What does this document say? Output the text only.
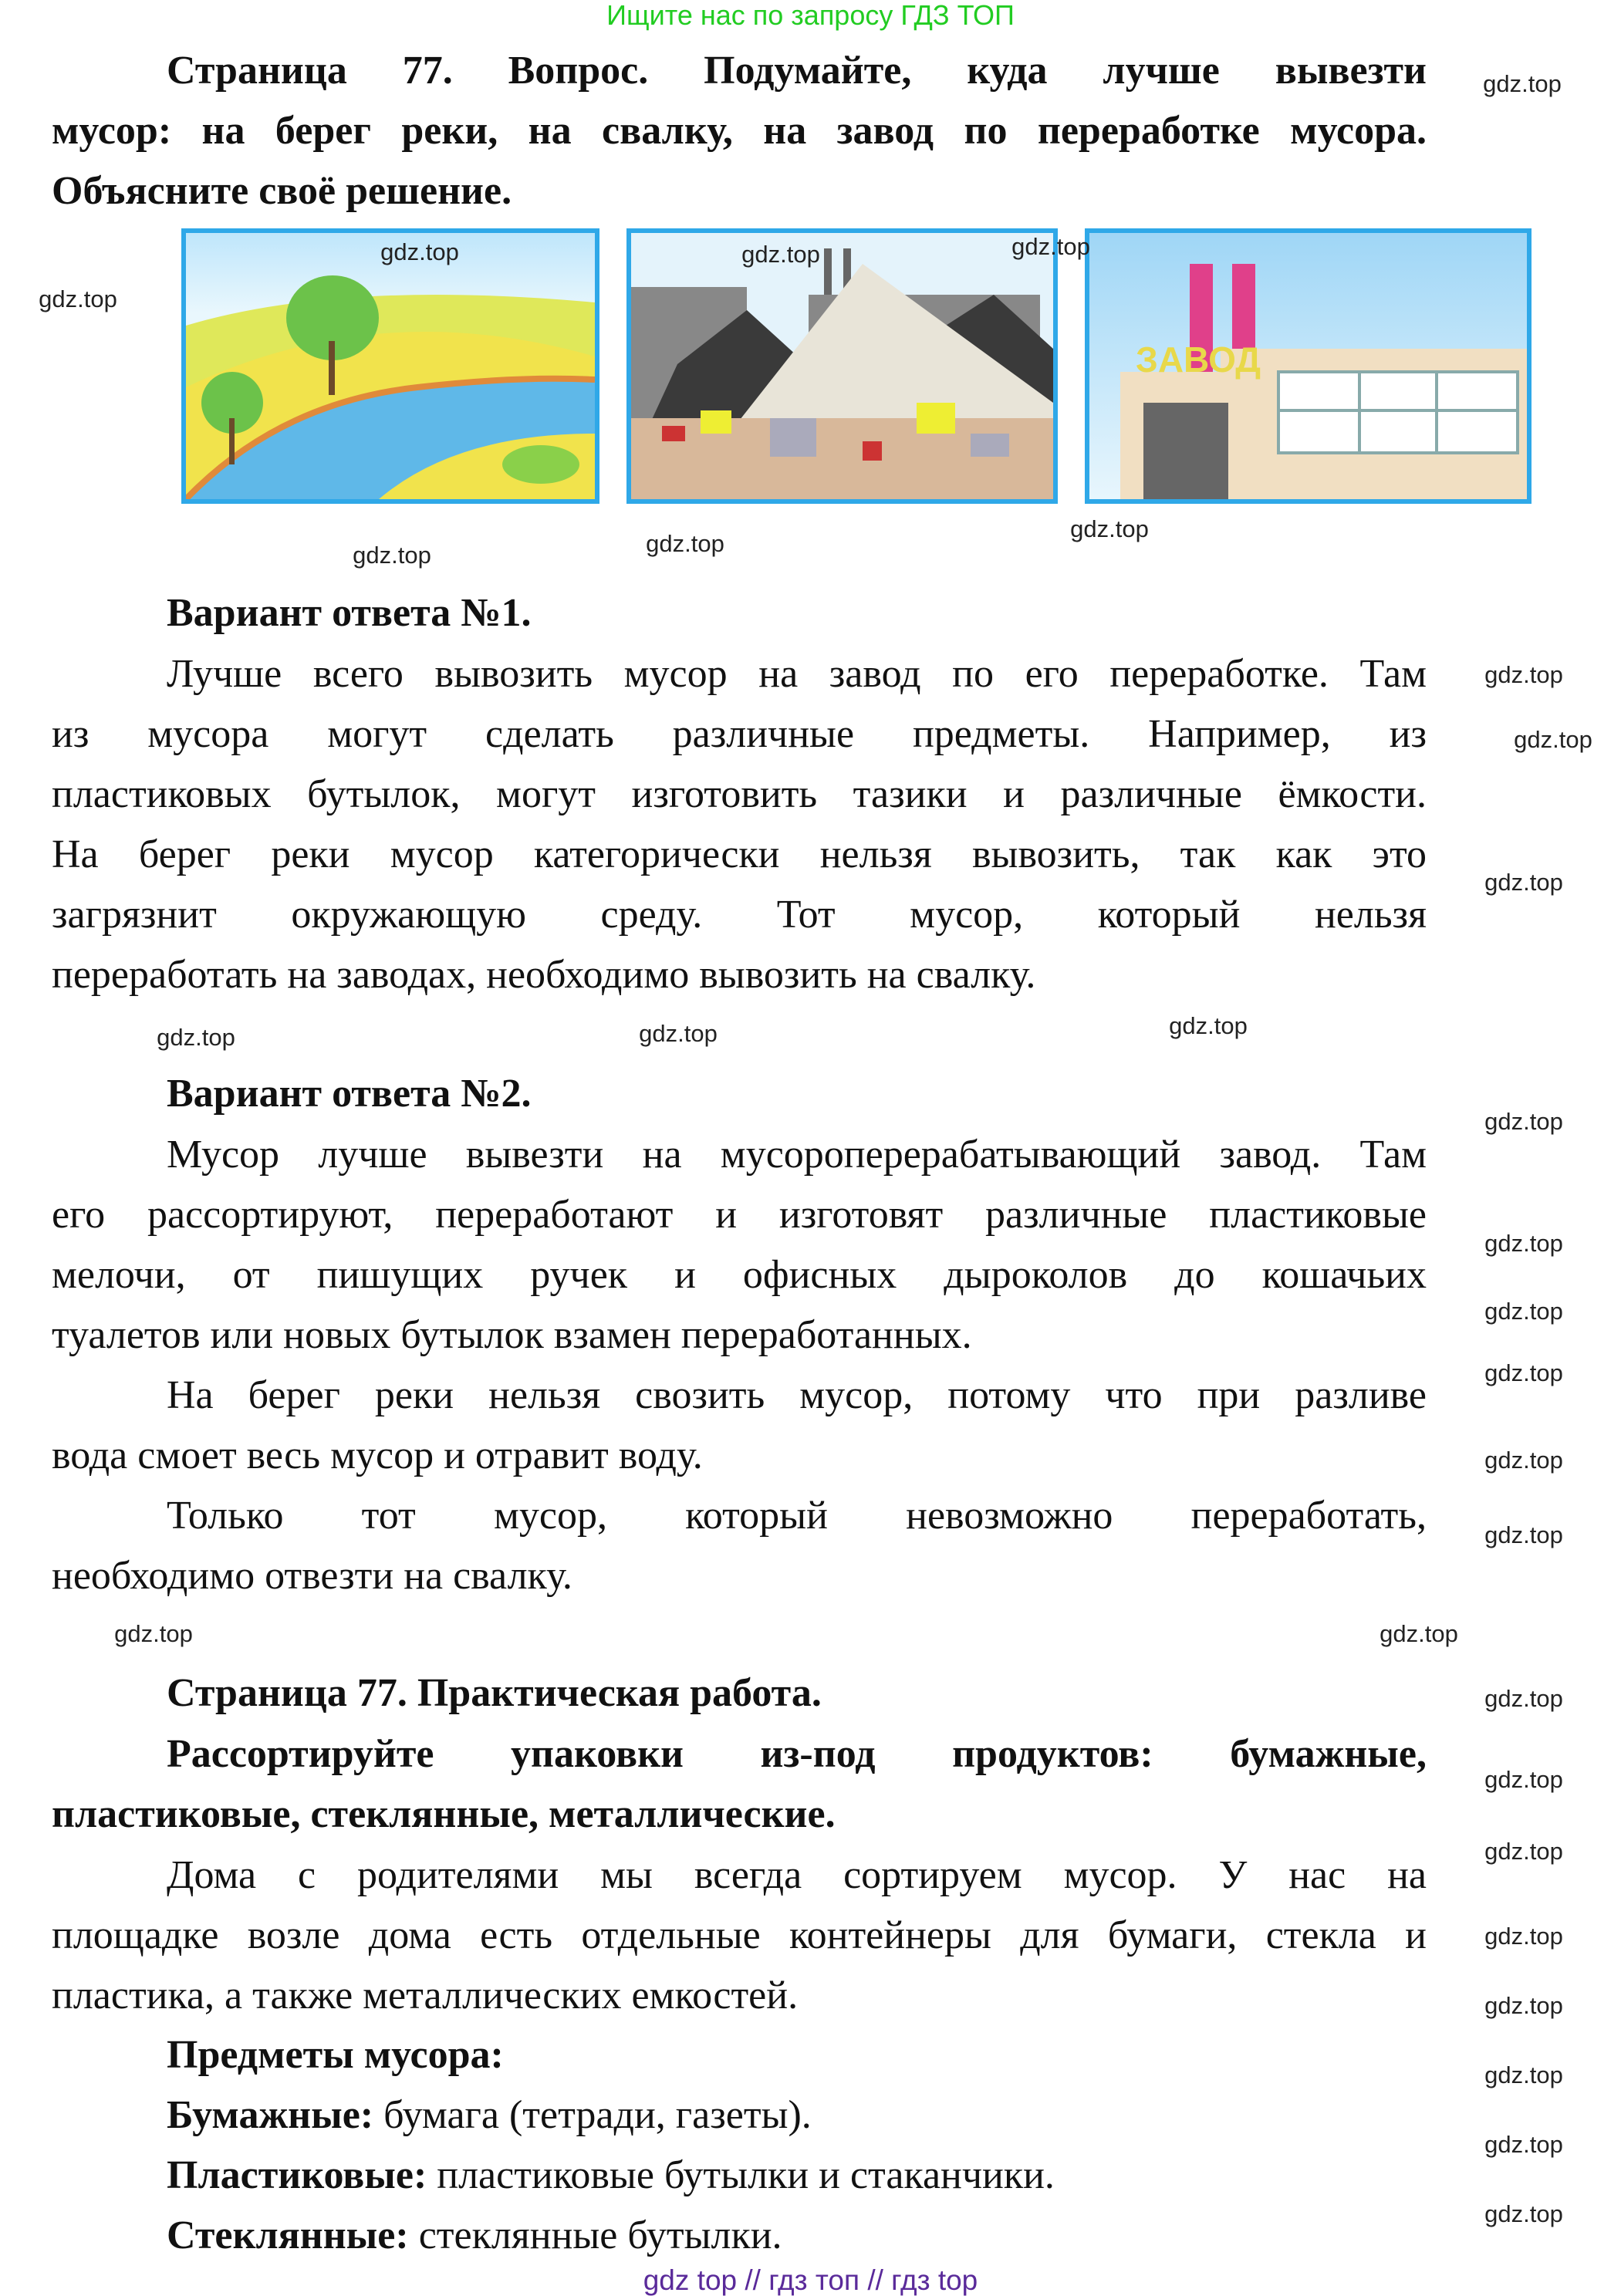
Ищите нас по запросу ГДЗ ТОП
Страница 77. Вопрос. Подумайте, куда лучше вывезти
мусор: на берег реки, на свалку, на завод по переработке мусора.
Объясните своё решение.
ЗАВОД
Вариант ответа №1.
Лучше всего вывозить мусор на завод по его переработке. Там
из мусора могут сделать различные предметы. Например, из
пластиковых бутылок, могут изготовить тазики и различные ёмкости.
На берег реки мусор категорически нельзя вывозить, так как это
загрязнит окружающую среду. Тот мусор, который нельзя
переработать на заводах, необходимо вывозить на свалку.
Вариант ответа №2.
Мусор лучше вывезти на мусороперерабатывающий завод. Там
его рассортируют, переработают и изготовят различные пластиковые
мелочи, от пишущих ручек и офисных дыроколов до кошачьих
туалетов или новых бутылок взамен переработанных.
На берег реки нельзя свозить мусор, потому что при разливе
вода смоет весь мусор и отравит воду.
Только тот мусор, который невозможно переработать,
необходимо отвезти на свалку.
Страница 77. Практическая работа.
Рассортируйте упаковки из-под продуктов: бумажные,
пластиковые, стеклянные, металлические.
Дома с родителями мы всегда сортируем мусор. У нас на
площадке возле дома есть отдельные контейнеры для бумаги, стекла и
пластика, а также металлических емкостей.
Предметы мусора:
Бумажные: бумага (тетради, газеты).
Пластиковые: пластиковые бутылки и стаканчики.
Стеклянные: стеклянные бутылки.
gdz top // гдз топ // гдз top
gdz.top
gdz.top	gdz.top
gdz.top
gdz.top
gdz.top
gdz.top	gdz.top
gdz.top
gdz.top
gdz.top
gdz.top
gdz.top	gdz.top
gdz.top
gdz.top
gdz.top
gdz.top
gdz.top
gdz.top
gdz.top
gdz.top
gdz.top
gdz.top
gdz.top
gdz.top
gdz.top
gdz.top
gdz.top
gdz.top
